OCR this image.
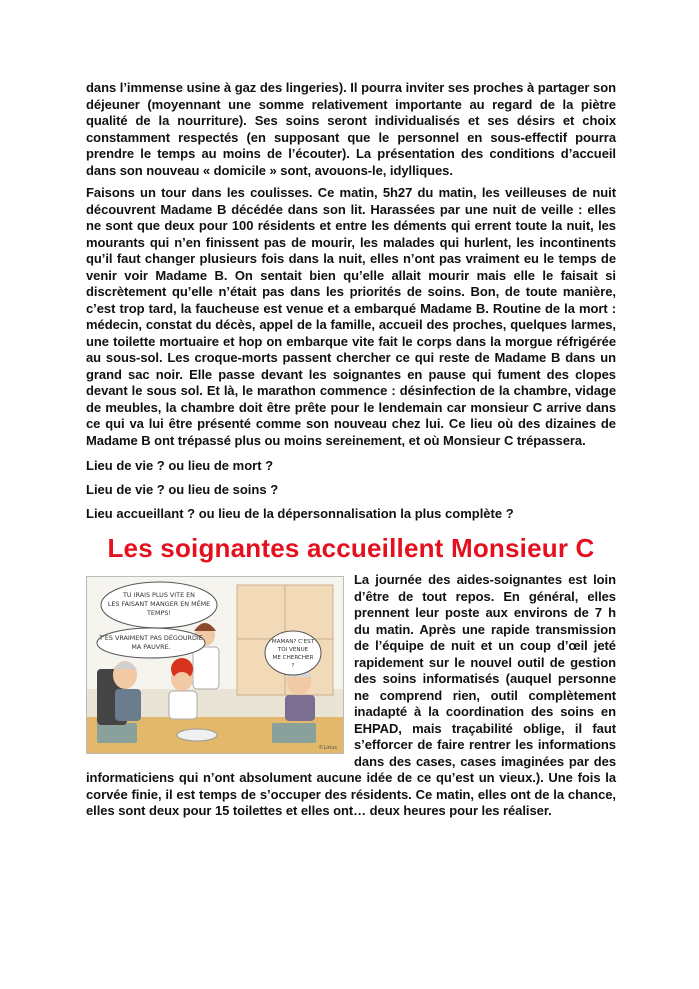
dans l’immense usine à gaz des lingeries). Il pourra inviter ses proches à partager son déjeuner (moyennant une somme relativement importante au regard de la piètre qualité de la nourriture). Ses soins seront individualisés et ses désirs et choix constamment respectés (en supposant que le personnel en sous-effectif pourra prendre le temps au moins de l’écouter). La présentation des conditions d’accueil dans son nouveau « domicile » sont, avouons-le, idylliques.

Faisons un tour dans les coulisses. Ce matin, 5h27 du matin, les veilleuses de nuit découvrent Madame B décédée dans son lit. Harassées par une nuit de veille : elles ne sont que deux pour 100 résidents et entre les déments qui errent toute la nuit, les mourants qui n’en finissent pas de mourir, les malades qui hurlent, les incontinents qu’il faut changer plusieurs fois dans la nuit, elles n’ont pas vraiment eu le temps de venir voir Madame B. On sentait bien qu’elle allait mourir mais elle le faisait si discrètement qu’elle n’était pas dans les priorités de soins. Bon, de toute manière, c’est trop tard, la faucheuse est venue et a embarqué Madame B. Routine de la mort : médecin, constat du décès, appel de la famille, accueil des proches, quelques larmes, une toilette mortuaire et hop on embarque vite fait le corps dans la morgue réfrigérée au sous-sol. Les croque-morts passent chercher ce qui reste de Madame B dans un grand sac noir. Elle passe devant les soignantes en pause qui fument des clopes devant le sous sol. Et là, le marathon commence : désinfection de la chambre, vidage de meubles, la chambre doit être prête pour le lendemain car monsieur C arrive dans ce qui va lui être présenté comme son nouveau chez lui. Ce lieu où des dizaines de Madame B ont trépassé plus ou moins sereinement, et où Monsieur C trépassera.

Lieu de vie ? ou lieu de mort ?

Lieu de vie ? ou lieu de soins ?

Lieu accueillant ? ou lieu de la dépersonnalisation la plus complète ?

Les soignantes accueillent Monsieur C
TU IRAIS PLUS VITE EN
LES FAISANT MANGER EN MÊME
TEMPS!
T'ES VRAIMENT PAS DÉGOURDIE
MA PAUVRE.
MAMAN? C'EST
TOI VENUE
ME CHERCHER
?
©Lotus

La journée des aides-soignantes est loin d’être de tout repos. En général, elles prennent leur poste aux environs de 7 h du matin. Après une rapide transmission de l’équipe de nuit et un coup d’œil jeté rapidement sur le nouvel outil de gestion des soins informatisés (auquel personne ne comprend rien, outil complètement inadapté à la coordination des soins en EHPAD, mais traçabilité oblige, il faut s’efforcer de faire rentrer les informations dans des cases, cases imaginées par des informaticiens qui n’ont absolument aucune idée de ce qu’est un vieux.). Une fois la corvée finie, il est temps de s’occuper des résidents. Ce matin, elles ont de la chance, elles sont deux pour 15 toilettes et elles ont… deux heures pour les réaliser.
